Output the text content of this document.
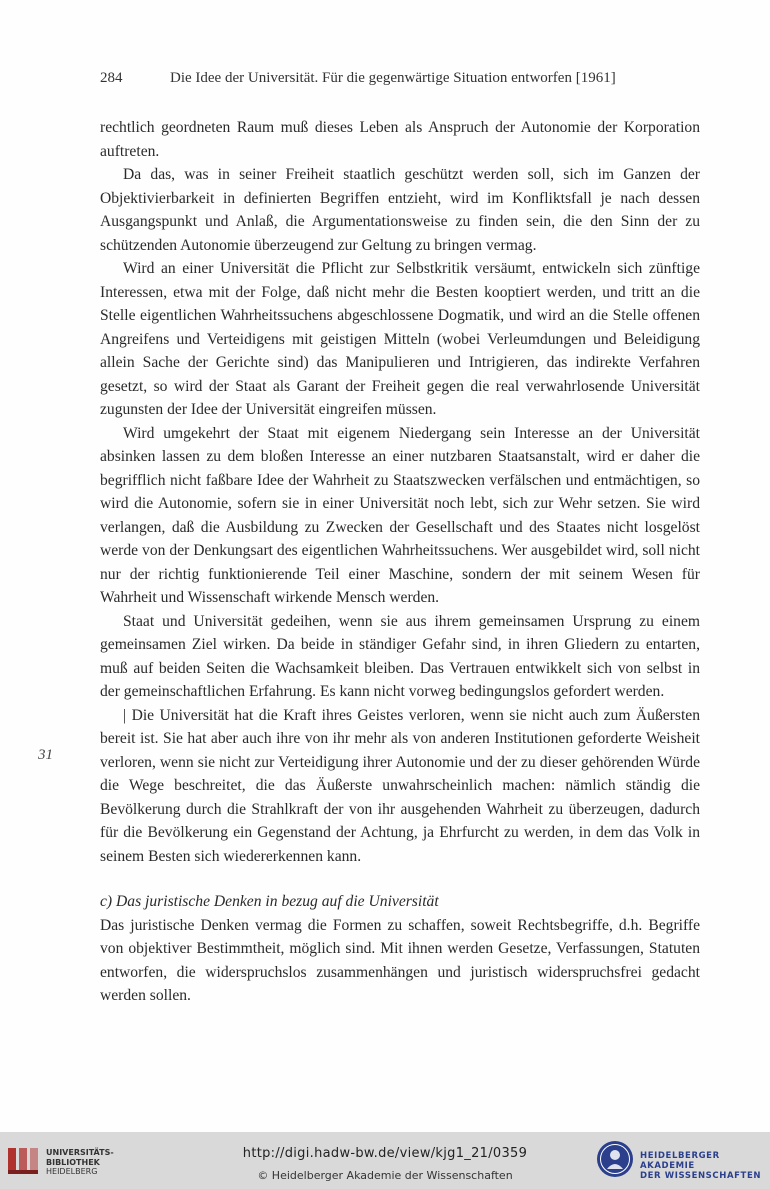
284	Die Idee der Universität. Für die gegenwärtige Situation entworfen [1961]
31

rechtlich geordneten Raum muß dieses Leben als Anspruch der Autonomie der Korporation auftreten.

Da das, was in seiner Freiheit staatlich geschützt werden soll, sich im Ganzen der Objektivierbarkeit in definierten Begriffen entzieht, wird im Konfliktsfall je nach dessen Ausgangspunkt und Anlaß, die Argumentationsweise zu finden sein, die den Sinn der zu schützenden Autonomie überzeugend zur Geltung zu bringen vermag.

Wird an einer Universität die Pflicht zur Selbstkritik versäumt, entwickeln sich zünftige Interessen, etwa mit der Folge, daß nicht mehr die Besten kooptiert werden, und tritt an die Stelle eigentlichen Wahrheitssuchens abgeschlossene Dogmatik, und wird an die Stelle offenen Angreifens und Verteidigens mit geistigen Mitteln (wobei Verleumdungen und Beleidigung allein Sache der Gerichte sind) das Manipulieren und Intrigieren, das indirekte Verfahren gesetzt, so wird der Staat als Garant der Freiheit gegen die real verwahrlosende Universität zugunsten der Idee der Universität eingreifen müssen.

Wird umgekehrt der Staat mit eigenem Niedergang sein Interesse an der Universität absinken lassen zu dem bloßen Interesse an einer nutzbaren Staatsanstalt, wird er daher die begrifflich nicht faßbare Idee der Wahrheit zu Staatszwecken verfälschen und entmächtigen, so wird die Autonomie, sofern sie in einer Universität noch lebt, sich zur Wehr setzen. Sie wird verlangen, daß die Ausbildung zu Zwecken der Gesellschaft und des Staates nicht losgelöst werde von der Denkungsart des eigentlichen Wahrheitssuchens. Wer ausgebildet wird, soll nicht nur der richtig funktionierende Teil einer Maschine, sondern der mit seinem Wesen für Wahrheit und Wissenschaft wirkende Mensch werden.

Staat und Universität gedeihen, wenn sie aus ihrem gemeinsamen Ursprung zu einem gemeinsamen Ziel wirken. Da beide in ständiger Gefahr sind, in ihren Gliedern zu entarten, muß auf beiden Seiten die Wachsamkeit bleiben. Das Vertrauen entwikkelt sich von selbst in der gemeinschaftlichen Erfahrung. Es kann nicht vorweg bedingungslos gefordert werden.

| Die Universität hat die Kraft ihres Geistes verloren, wenn sie nicht auch zum Äußersten bereit ist. Sie hat aber auch ihre von ihr mehr als von anderen Institutionen geforderte Weisheit verloren, wenn sie nicht zur Verteidigung ihrer Autonomie und der zu dieser gehörenden Würde die Wege beschreitet, die das Äußerste unwahrscheinlich machen: nämlich ständig die Bevölkerung durch die Strahlkraft der von ihr ausgehenden Wahrheit zu überzeugen, dadurch für die Bevölkerung ein Gegenstand der Achtung, ja Ehrfurcht zu werden, in dem das Volk in seinem Besten sich wiedererkennen kann.

c) Das juristische Denken in bezug auf die Universität

Das juristische Denken vermag die Formen zu schaffen, soweit Rechtsbegriffe, d.h. Begriffe von objektiver Bestimmtheit, möglich sind. Mit ihnen werden Gesetze, Verfassungen, Statuten entworfen, die widerspruchslos zusammenhängen und juristisch widerspruchsfrei gedacht werden sollen.

UNIVERSITÄTS-
BIBLIOTHEK
HEIDELBERG
http://digi.hadw-bw.de/view/kjg1_21/0359
© Heidelberger Akademie der Wissenschaften
HEIDELBERGER AKADEMIE
DER WISSENSCHAFTEN
